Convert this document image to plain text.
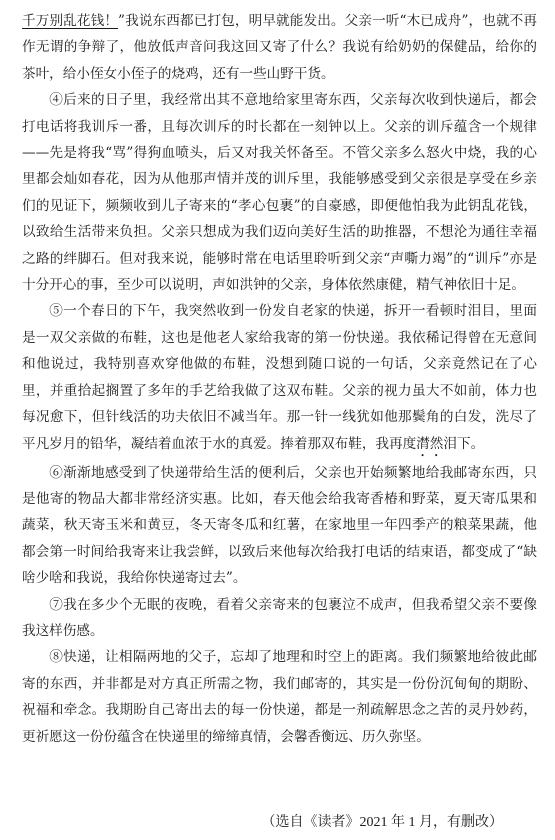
千万别乱花钱！”我说东西都已打包，明早就能发出。父亲一听“木已成舟”，也就不再作无谓的争辩了，他放低声音问我这回又寄了什么？我说有给奶奶的保健品，给你的茶叶，给小侄女小侄子的烧鸡，还有一些山野干货。

④后来的日子里，我经常出其不意地给家里寄东西，父亲每次收到快递后，都会打电话将我训斥一番，且每次训斥的时长都在一刻钟以上。父亲的训斥蕴含一个规律——先是将我“骂”得狗血喷头，后又对我关怀备至。不管父亲多么怒火中烧，我的心里都会灿如春花，因为从他那声情并茂的训斥里，我能够感受到父亲很是享受在乡亲们的见证下，频频收到儿子寄来的“孝心包裹”的自豪感，即便他怕我为此钥乱花钱，以致给生活带来负担。父亲只想成为我们迈向美好生活的助推器，不想沦为通往幸福之路的绊脚石。但对我来说，能够时常在电话里聆听到父亲“声嘶力竭”的“训斥”亦是十分开心的事，至少可以说明，声如洪钟的父亲，身体依然康健，精气神依旧十足。

⑤一个春日的下午，我突然收到一份发自老家的快递，拆开一看顿时泪目，里面是一双父亲做的布鞋，这也是他老人家给我寄的第一份快递。我依稀记得曾在无意间和他说过，我特别喜欢穿他做的布鞋，没想到随口说的一句话，父亲竟然记在了心里，并重拾起搁置了多年的手艺给我做了这双布鞋。父亲的视力虽大不如前，体力也每况愈下，但针线活的功夫依旧不减当年。那一针一线犹如他那鬓角的白发，洗尽了平凡岁月的铅华，凝结着血浓于水的真爱。捧着那双布鞋，我再度潸然泪下。

⑥渐渐地感受到了快递带给生活的便利后，父亲也开始频繁地给我邮寄东西，只是他寄的物品大都非常经济实惠。比如，春天他会给我寄香椿和野菜，夏天寄瓜果和蔬菜，秋天寄玉米和黄豆，冬天寄冬瓜和红薯，在家地里一年四季产的粮菜果蔬，他都会第一时间给我寄来让我尝鲜，以致后来他每次给我打电话的结束语，都变成了“缺啥少啥和我说，我给你快递寄过去”。

⑦我在多少个无眠的夜晚，看着父亲寄来的包裹泣不成声，但我希望父亲不要像我这样伤感。

⑧快递，让相隔两地的父子，忘却了地理和时空上的距离。我们频繁地给彼此邮寄的东西，并非都是对方真正所需之物，我们邮寄的，其实是一份份沉甸甸的期盼、祝福和牵念。我期盼自己寄出去的每一份快递，都是一剂疏解思念之苦的灵丹妙药，更祈愿这一份份蕴含在快递里的缔缔真情，会馨香衡远、历久弥坚。

（选自《读者》2021 年 1 月，有删改）
